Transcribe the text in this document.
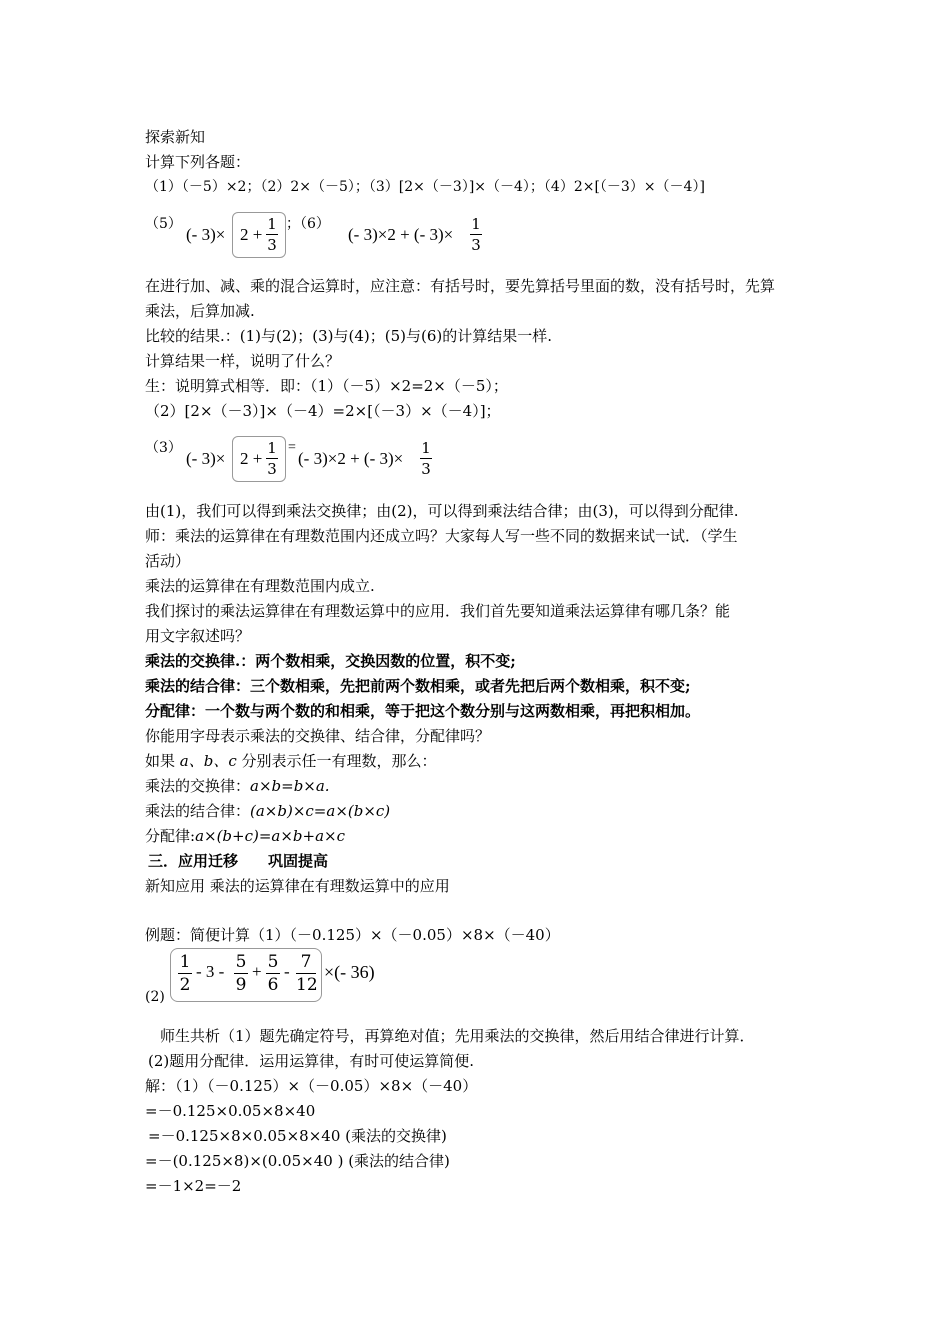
探索新知
计算下列各题：
（1）（－5）×2；（2）2×（－5）；（3）[2×（－3）]×（－4）；（4）2×[（－3）×（－4）]
（5）
(- 3)× 2 +
1
3
；（6）
(- 3)×2 + (- 3)×
1
3
在进行加、减、乘的混合运算时，应注意：有括号时，要先算括号里面的数，没有括号时，先算
乘法，后算加减.
比较的结果.：(1)与(2)；(3)与(4)；(5)与(6)的计算结果一样.
计算结果一样，说明了什么？
生：说明算式相等．即：（1）（－5）×2=2×（－5）；
（2）[2×（－3）]×（－4）=2×[（－3）×（－4）]；
（3）
(- 3)× 2 +
1
3
=
(- 3)×2 + (- 3)×
1
3
由(1)，我们可以得到乘法交换律；由(2)，可以得到乘法结合律；由(3)，可以得到分配律.
师：乘法的运算律在有理数范围内还成立吗？大家每人写一些不同的数据来试一试．（学生
活动）
乘法的运算律在有理数范围内成立.
我们探讨的乘法运算律在有理数运算中的应用．我们首先要知道乘法运算律有哪几条？能
用文字叙述吗？
乘法的交换律.：两个数相乘，交换因数的位置，积不变;
乘法的结合律：三个数相乘，先把前两个数相乘，或者先把后两个数相乘，积不变;
分配律：一个数与两个数的和相乘，等于把这个数分别与这两数相乘，再把积相加。
你能用字母表示乘法的交换律、结合律，分配律吗？
如果 a、b、c 分别表示任一有理数，那么：
乘法的交换律：a×b=b×a.
乘法的结合律：(a×b)×c=a×(b×c)
分配律:a×(b+c)=a×b+a×c
三．应用迁移　　巩固提高
新知应用 乘法的运算律在有理数运算中的应用
例题：简便计算（1）（－0.125）×（－0.05）×8×（－40）
(2)
1
2
- 3 - 5
9
+ 5
6
- 7
12
×(- 36)
师生共析（1）题先确定符号，再算绝对值；先用乘法的交换律，然后用结合律进行计算．
(2)题用分配律．运用运算律，有时可使运算简便.
解：（1）（－0.125）×（－0.05）×8×（－40）
=－0.125×0.05×8×40
=－0.125×8×0.05×8×40 (乘法的交换律)
=－(0.125×8)×(0.05×40 ) (乘法的结合律)
=－1×2=－2
